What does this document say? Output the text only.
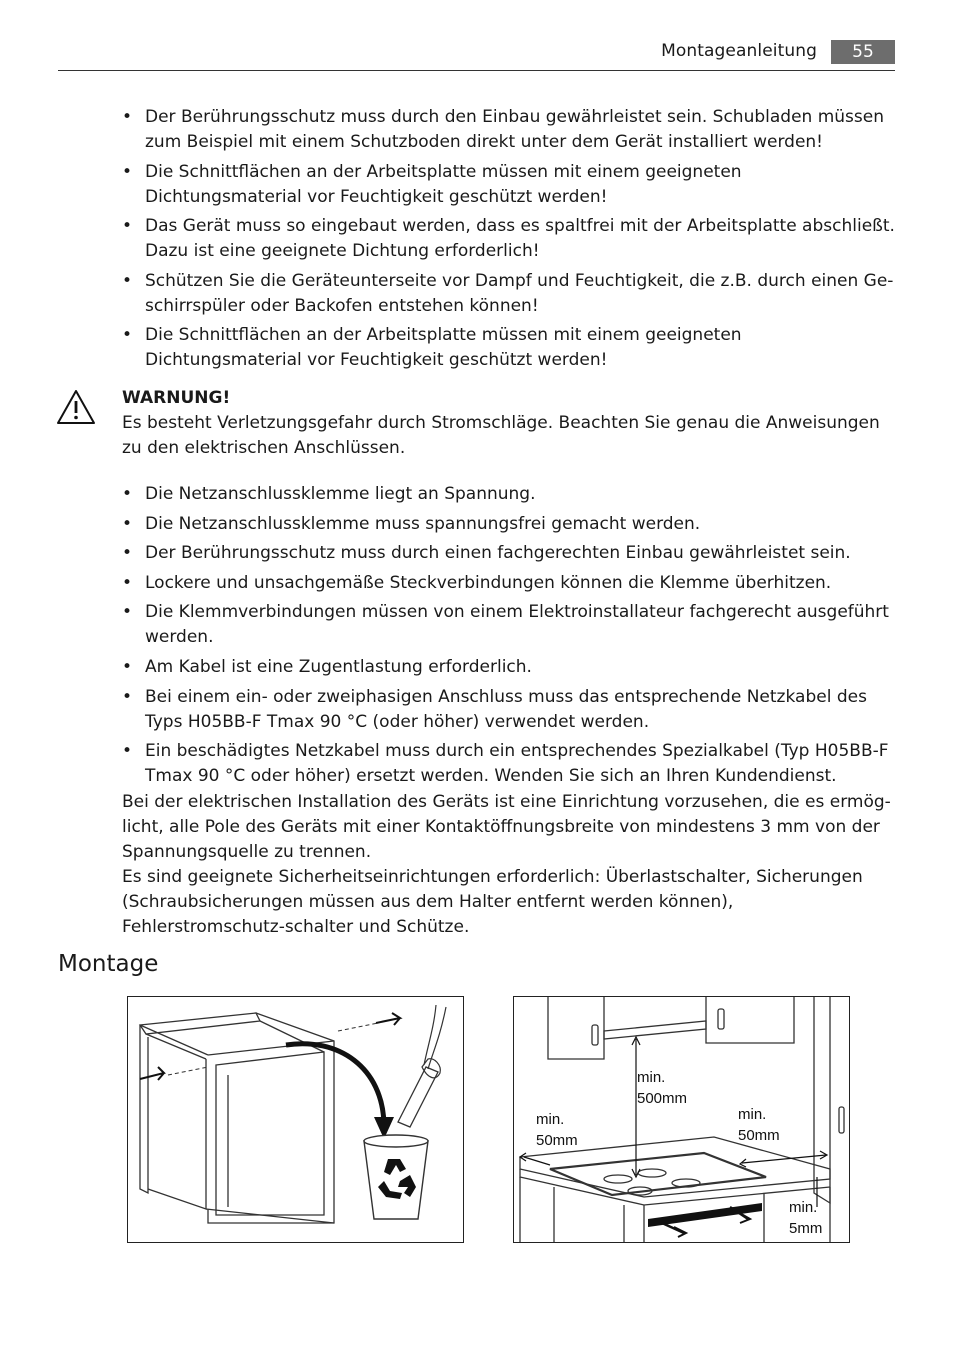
Montageanleitung	55
• Der Berührungsschutz muss durch den Einbau gewährleistet sein. Schubladen müssen zum Beispiel mit einem Schutzboden direkt unter dem Gerät installiert werden!
• Die Schnittflächen an der Arbeitsplatte müssen mit einem geeigneten Dichtungsmaterial vor Feuchtigkeit geschützt werden!
• Das Gerät muss so eingebaut werden, dass es spaltfrei mit der Arbeitsplatte abschließt. Dazu ist eine geeignete Dichtung erforderlich!
• Schützen Sie die Geräteunterseite vor Dampf und Feuchtigkeit, die z.B. durch einen Ge-schirrspüler oder Backofen entstehen können!
• Die Schnittflächen an der Arbeitsplatte müssen mit einem geeigneten Dichtungsmaterial vor Feuchtigkeit geschützt werden!
WARNUNG!
Es besteht Verletzungsgefahr durch Stromschläge. Beachten Sie genau die Anweisungen zu den elektrischen Anschlüssen.
• Die Netzanschlussklemme liegt an Spannung.
• Die Netzanschlussklemme muss spannungsfrei gemacht werden.
• Der Berührungsschutz muss durch einen fachgerechten Einbau gewährleistet sein.
• Lockere und unsachgemäße Steckverbindungen können die Klemme überhitzen.
• Die Klemmverbindungen müssen von einem Elektroinstallateur fachgerecht ausgeführt werden.
• Am Kabel ist eine Zugentlastung erforderlich.
• Bei einem ein- oder zweiphasigen Anschluss muss das entsprechende Netzkabel des Typs H05BB-F Tmax 90 °C (oder höher) verwendet werden.
• Ein beschädigtes Netzkabel muss durch ein entsprechendes Spezialkabel (Typ H05BB-F Tmax 90 °C oder höher) ersetzt werden. Wenden Sie sich an Ihren Kundendienst.

Bei der elektrischen Installation des Geräts ist eine Einrichtung vorzusehen, die es ermög-licht, alle Pole des Geräts mit einer Kontaktöffnungsbreite von mindestens 3 mm von der Spannungsquelle zu trennen.

Es sind geeignete Sicherheitseinrichtungen erforderlich: Überlastschalter, Sicherungen (Schraubsicherungen müssen aus dem Halter entfernt werden können), Fehlerstromschutz-schalter und Schütze.

Montage
min.
500mm
min.
50mm
min.
50mm
min.
5mm
